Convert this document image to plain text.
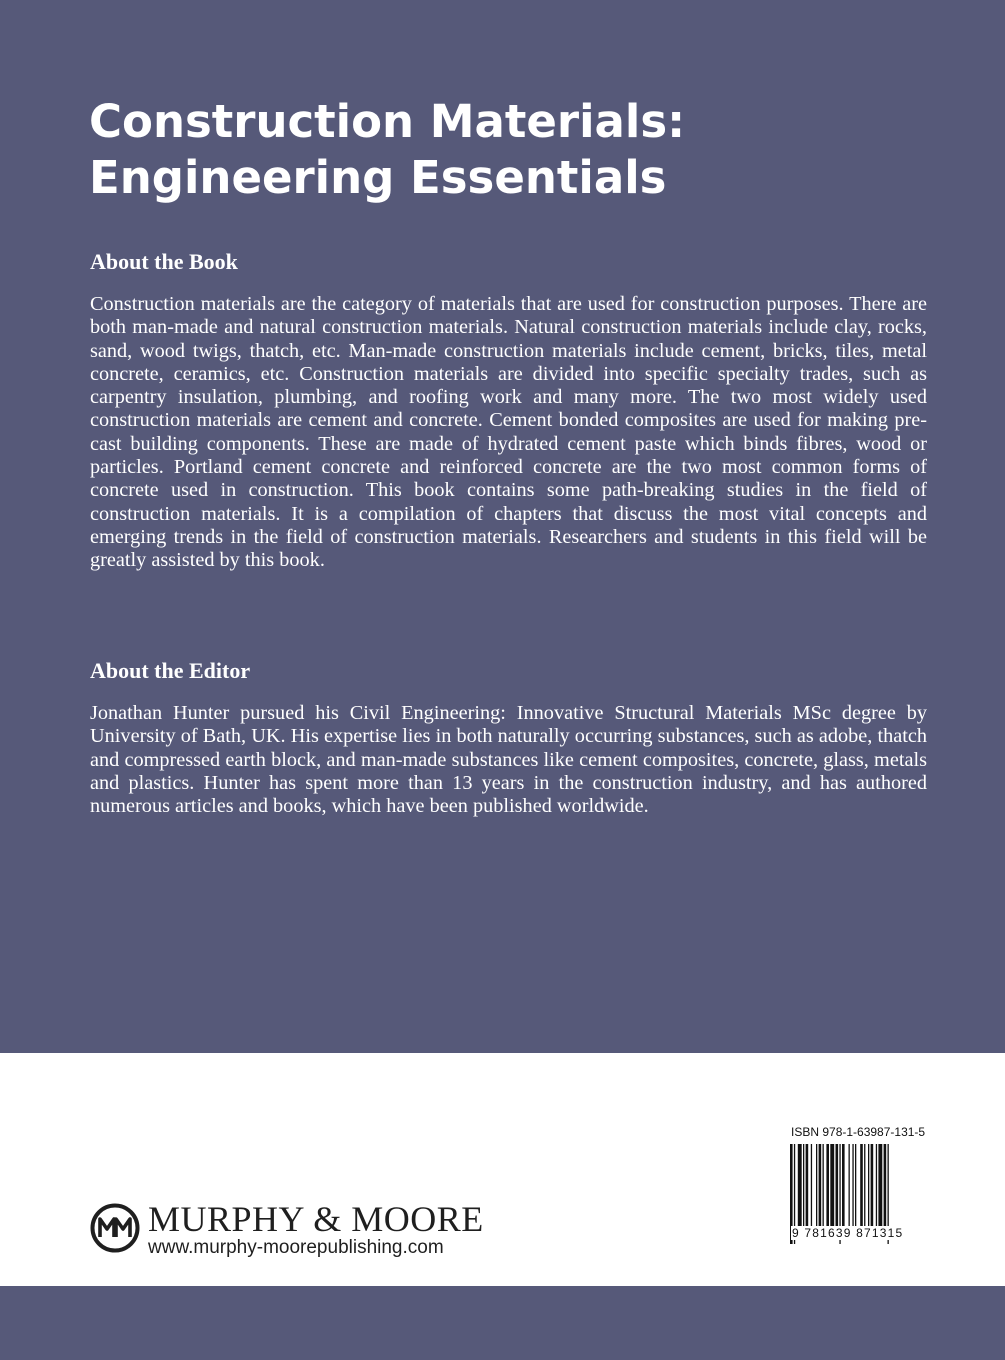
Construction Materials: Engineering Essentials
About the Book

Construction materials are the category of materials that are used for construction purposes. There are both man-made and natural construction materials. Natural construction materials include clay, rocks, sand, wood twigs, thatch, etc. Man-made construction materials include cement, bricks, tiles, metal concrete, ceramics, etc. Construction materials are divided into specific specialty trades, such as carpentry insulation, plumbing, and roofing work and many more. The two most widely used construction materials are cement and concrete. Cement bonded composites are used for making pre-cast building components. These are made of hydrated cement paste which binds fibres, wood or particles. Portland cement concrete and reinforced concrete are the two most common forms of concrete used in construction. This book contains some path-breaking studies in the field of construction materials. It is a compilation of chapters that discuss the most vital concepts and emerging trends in the field of construction materials. Researchers and students in this field will be greatly assisted by this book.

About the Editor

Jonathan Hunter pursued his Civil Engineering: Innovative Structural Materials MSc degree by University of Bath, UK. His expertise lies in both naturally occurring substances, such as adobe, thatch and compressed earth block, and man-made substances like cement composites, concrete, glass, metals and plastics. Hunter has spent more than 13 years in the construction industry, and has authored numerous articles and books, which have been published worldwide.

MURPHY & MOORE

www.murphy-moorepublishing.com

ISBN 978-1-63987-131-5

9 781639 871315
